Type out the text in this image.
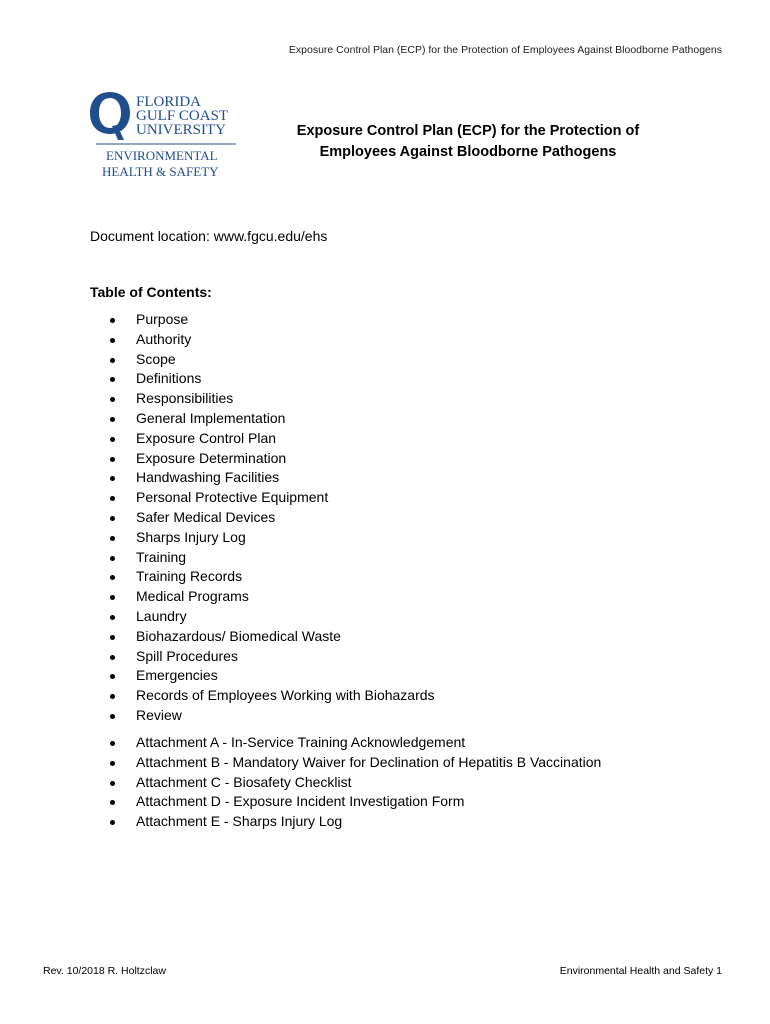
Exposure Control Plan (ECP) for the Protection of Employees Against Bloodborne Pathogens
FLORIDA
GULF COAST
UNIVERSITY
ENVIRONMENTAL
HEALTH & SAFETY
Exposure Control Plan (ECP) for the Protection of
Employees Against Bloodborne Pathogens
Document location: www.fgcu.edu/ehs
Table of Contents:
Purpose
Authority
Scope
Definitions
Responsibilities
General Implementation
Exposure Control Plan
Exposure Determination
Handwashing Facilities
Personal Protective Equipment
Safer Medical Devices
Sharps Injury Log
Training
Training Records
Medical Programs
Laundry
Biohazardous/ Biomedical Waste
Spill Procedures
Emergencies
Records of Employees Working with Biohazards
Review
Attachment A - In-Service Training Acknowledgement
Attachment B - Mandatory Waiver for Declination of Hepatitis B Vaccination
Attachment C - Biosafety Checklist
Attachment D - Exposure Incident Investigation Form
Attachment E - Sharps Injury Log
Rev. 10/2018 R. Holtzclaw	Environmental Health and Safety 1
